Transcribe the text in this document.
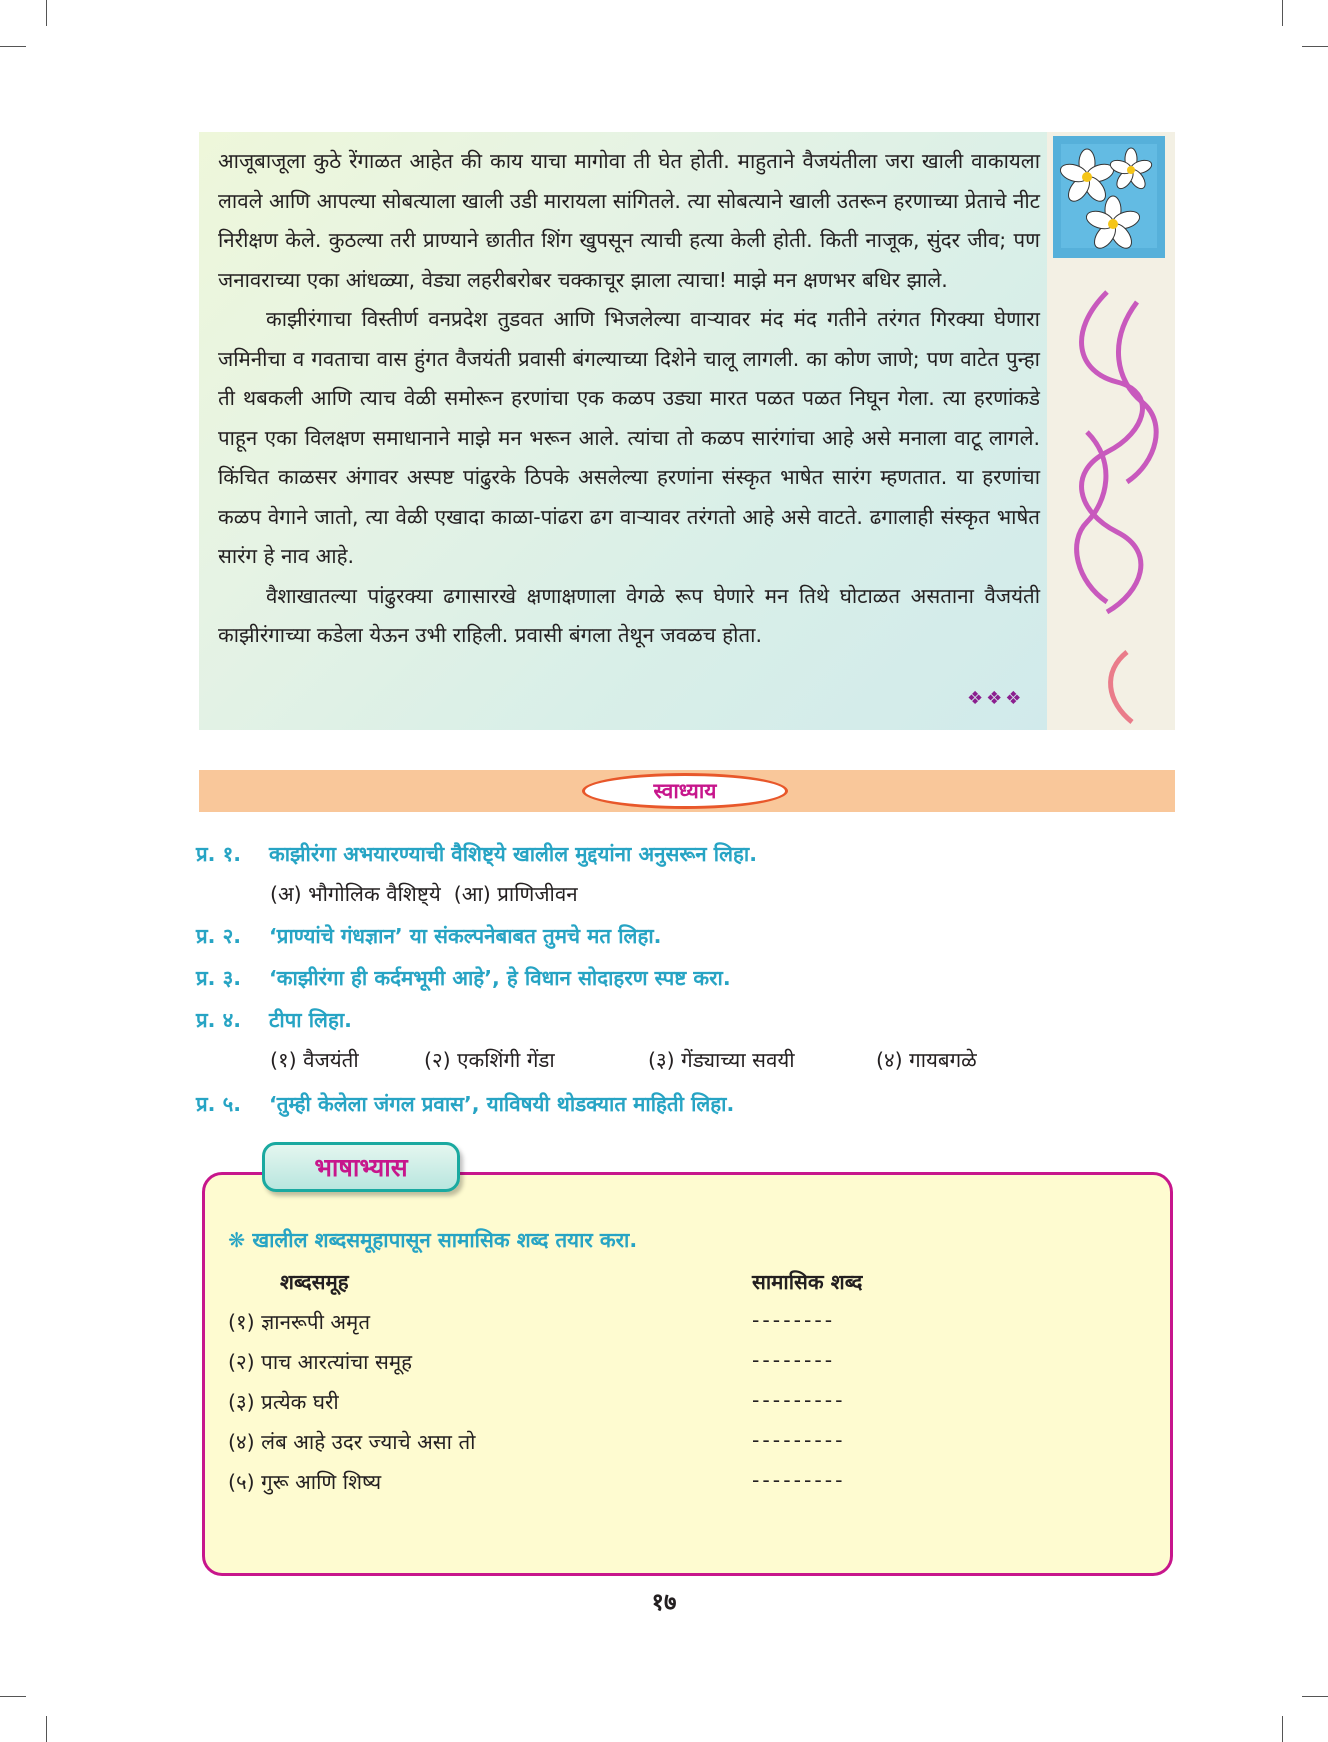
आजूबाजूला कुठे रेंगाळत आहेत की काय याचा मागोवा ती घेत होती. माहुताने वैजयंतीला जरा खाली वाकायला लावले आणि आपल्या सोबत्याला खाली उडी मारायला सांगितले. त्या सोबत्याने खाली उतरून हरणाच्या प्रेताचे नीट निरीक्षण केले. कुठल्या तरी प्राण्याने छातीत शिंग खुपसून त्याची हत्या केली होती. किती नाजूक, सुंदर जीव; पण जनावराच्या एका आंधळ्या, वेड्या लहरीबरोबर चक्काचूर झाला त्याचा! माझे मन क्षणभर बधिर झाले.

काझीरंगाचा विस्तीर्ण वनप्रदेश तुडवत आणि भिजलेल्या वाऱ्यावर मंद मंद गतीने तरंगत गिरक्या घेणारा जमिनीचा व गवताचा वास हुंगत वैजयंती प्रवासी बंगल्याच्या दिशेने चालू लागली. का कोण जाणे; पण वाटेत पुन्हा ती थबकली आणि त्याच वेळी समोरून हरणांचा एक कळप उड्या मारत पळत पळत निघून गेला. त्या हरणांकडे पाहून एका विलक्षण समाधानाने माझे मन भरून आले. त्यांचा तो कळप सारंगांचा आहे असे मनाला वाटू लागले. किंचित काळसर अंगावर अस्पष्ट पांढुरके ठिपके असलेल्या हरणांना संस्कृत भाषेत सारंग म्हणतात. या हरणांचा कळप वेगाने जातो, त्या वेळी एखादा काळा-पांढरा ढग वाऱ्यावर तरंगतो आहे असे वाटते. ढगालाही संस्कृत भाषेत सारंग हे नाव आहे.

वैशाखातल्या पांढुरक्या ढगासारखे क्षणाक्षणाला वेगळे रूप घेणारे मन तिथे घोटाळत असताना वैजयंती काझीरंगाच्या कडेला येऊन उभी राहिली. प्रवासी बंगला तेथून जवळच होता.

❖❖❖
स्वाध्याय
प्र. १. काझीरंगा अभयारण्याची वैशिष्ट्ये खालील मुद्दयांना अनुसरून लिहा.
(अ) भौगोलिक वैशिष्ट्ये  (आ) प्राणिजीवन
प्र. २. ‘प्राण्यांचे गंधज्ञान’ या संकल्पनेबाबत तुमचे मत लिहा.
प्र. ३. ‘काझीरंगा ही कर्दमभूमी आहे’, हे विधान सोदाहरण स्पष्ट करा.
प्र. ४. टीपा लिहा.
(१) वैजयंती	(२) एकशिंगी गेंडा	(३) गेंड्याच्या सवयी	(४) गायबगळे
प्र. ५. ‘तुम्ही केलेला जंगल प्रवास’, याविषयी थोडक्यात माहिती लिहा.
भाषाभ्यास
❋ खालील शब्दसमूहापासून सामासिक शब्द तयार करा.
शब्दसमूह	सामासिक शब्द
(१) ज्ञानरूपी अमृत	--------
(२) पाच आरत्यांचा समूह	--------
(३) प्रत्येक घरी	---------
(४) लंब आहे उदर ज्याचे असा तो	---------
(५) गुरू आणि शिष्य	---------
१७
